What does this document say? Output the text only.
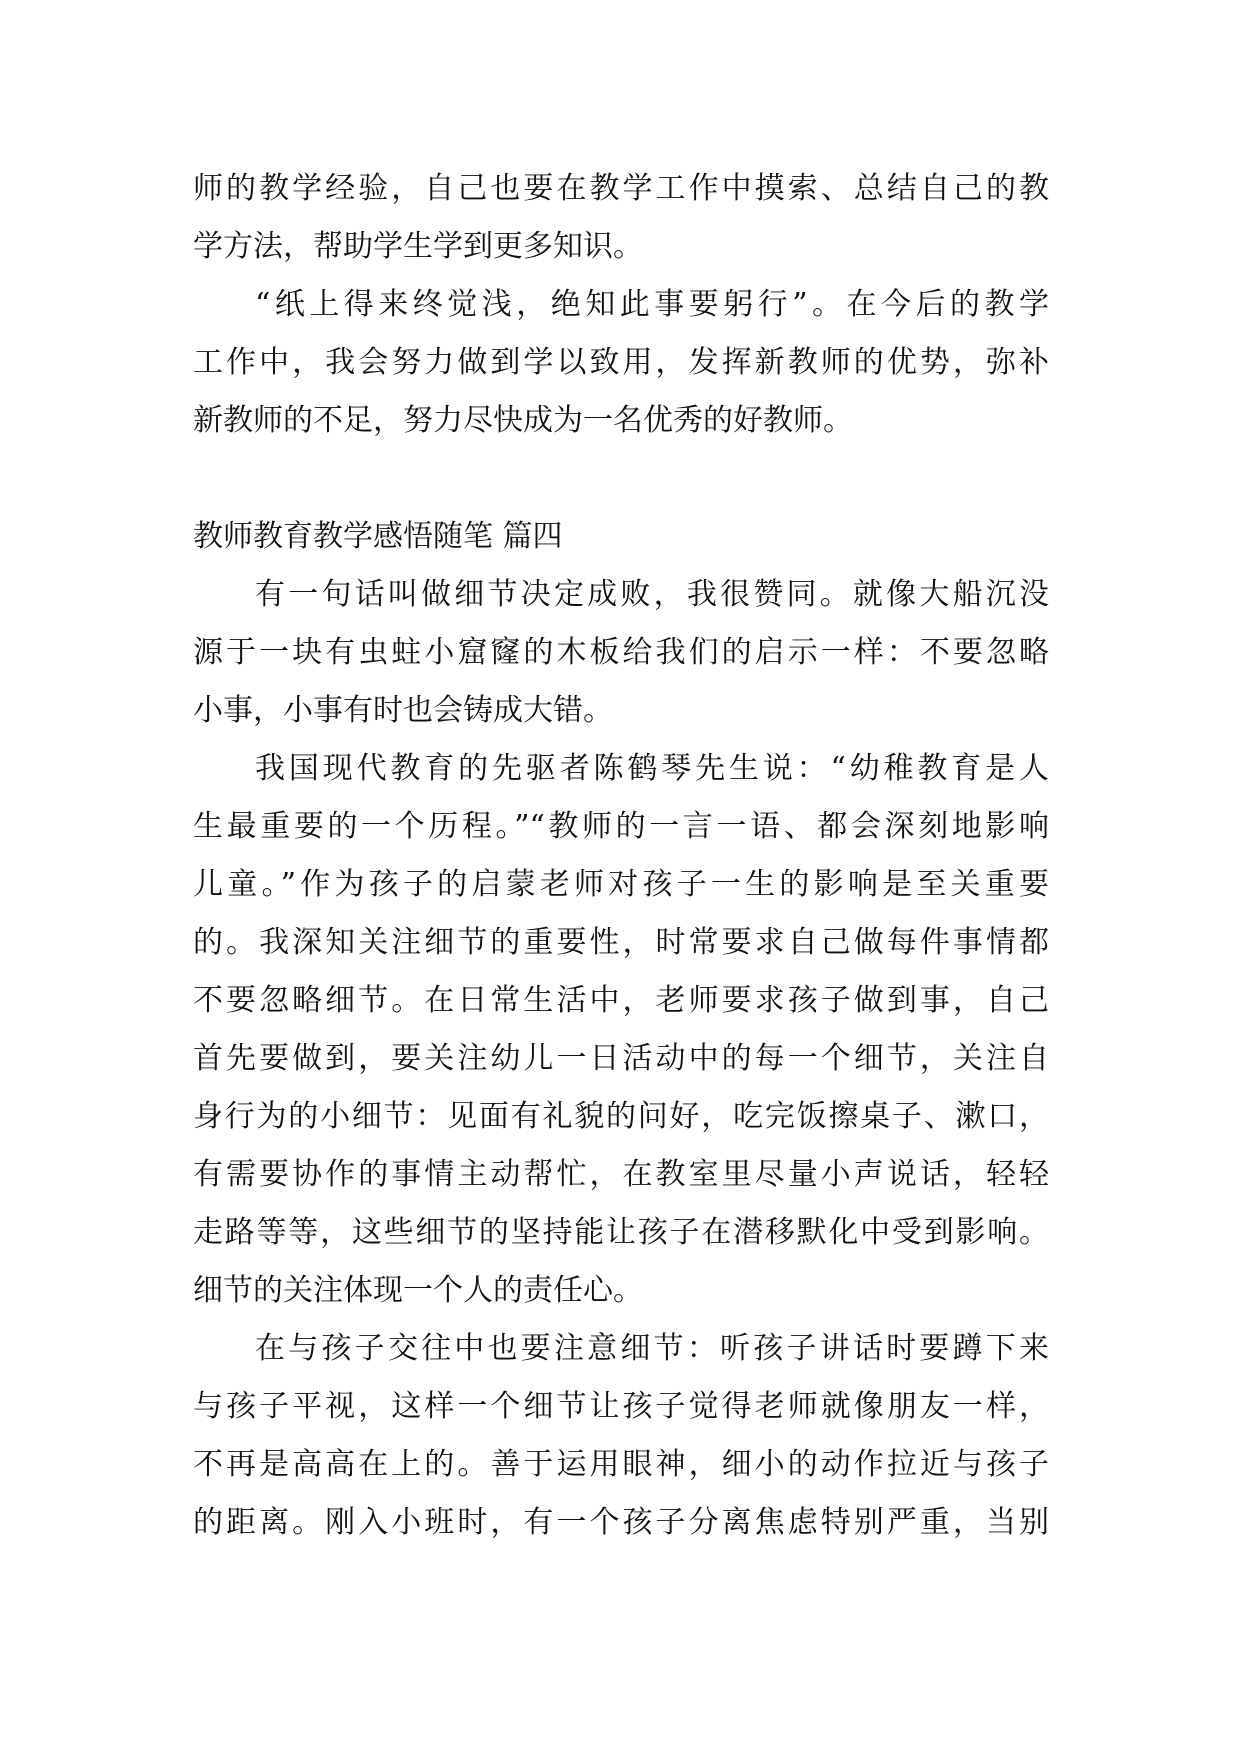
师的教学经验，自己也要在教学工作中摸索、总结自己的教
学方法，帮助学生学到更多知识。
“纸上得来终觉浅，绝知此事要躬行”。在今后的教学
工作中，我会努力做到学以致用，发挥新教师的优势，弥补
新教师的不足，努力尽快成为一名优秀的好教师。
教师教育教学感悟随笔 篇四
有一句话叫做细节决定成败，我很赞同。就像大船沉没
源于一块有虫蛀小窟窿的木板给我们的启示一样：不要忽略
小事，小事有时也会铸成大错。
我国现代教育的先驱者陈鹤琴先生说：“幼稚教育是人
生最重要的一个历程。”“教师的一言一语、都会深刻地影响
儿童。”作为孩子的启蒙老师对孩子一生的影响是至关重要
的。我深知关注细节的重要性，时常要求自己做每件事情都
不要忽略细节。在日常生活中，老师要求孩子做到事，自己
首先要做到，要关注幼儿一日活动中的每一个细节，关注自
身行为的小细节：见面有礼貌的问好，吃完饭擦桌子、漱口，
有需要协作的事情主动帮忙，在教室里尽量小声说话，轻轻
走路等等，这些细节的坚持能让孩子在潜移默化中受到影响。
细节的关注体现一个人的责任心。
在与孩子交往中也要注意细节：听孩子讲话时要蹲下来
与孩子平视，这样一个细节让孩子觉得老师就像朋友一样，
不再是高高在上的。善于运用眼神，细小的动作拉近与孩子
的距离。刚入小班时，有一个孩子分离焦虑特别严重，当别
